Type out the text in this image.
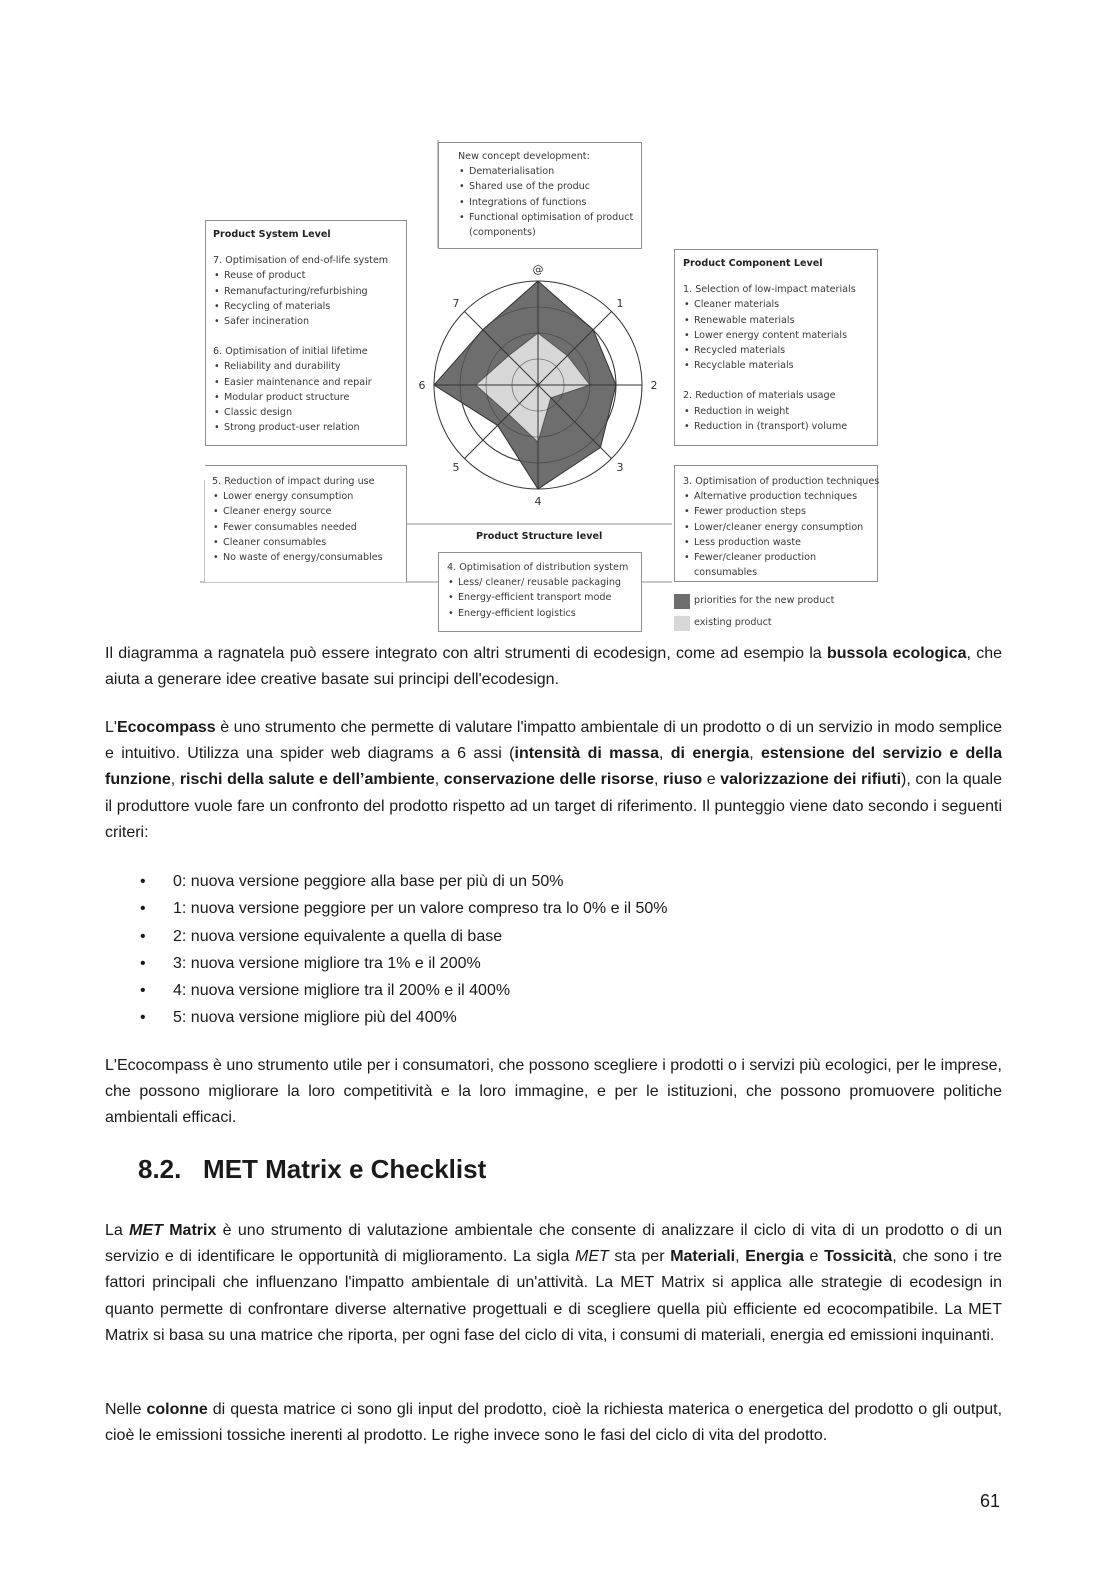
New concept development:
• Dematerialisation
• Shared use of the produc
• Integrations of functions
• Functional optimisation of product (components)
Product System Level
7. Optimisation of end-of-life system
• Reuse of product
• Remanufacturing/refurbishing
• Recycling of materials
• Safer incineration
6. Optimisation of initial lifetime
• Reliability and durability
• Easier maintenance and repair
• Modular product structure
• Classic design
• Strong product-user relation
Product Component Level
1. Selection of low-impact materials
• Cleaner materials
• Renewable materials
• Lower energy content materials
• Recycled materials
• Recyclable materials
2. Reduction of materials usage
• Reduction in weight
• Reduction in (transport) volume
5. Reduction of impact during use
• Lower energy consumption
• Cleaner energy source
• Fewer consumables needed
• Cleaner consumables
• No waste of energy/consumables
3. Optimisation of production techniques
• Alternative production techniques
• Fewer production steps
• Lower/cleaner energy consumption
• Less production waste
• Fewer/cleaner production consumables
Product Structure level
4. Optimisation of distribution system
• Less/ cleaner/ reusable packaging
• Energy-efficient transport mode
• Energy-efficient logistics
@
1
2
3
4
5
6
7
priorities for the new product
existing product
Il diagramma a ragnatela può essere integrato con altri strumenti di ecodesign, come ad esempio la bussola ecologica, che aiuta a generare idee creative basate sui principi dell'ecodesign.
L'Ecocompass è uno strumento che permette di valutare l'impatto ambientale di un prodotto o di un servizio in modo semplice e intuitivo. Utilizza una spider web diagrams a 6 assi (intensità di massa, di energia, estensione del servizio e della funzione, rischi della salute e dell’ambiente, conservazione delle risorse, riuso e valorizzazione dei rifiuti), con la quale il produttore vuole fare un confronto del prodotto rispetto ad un target di riferimento. Il punteggio viene dato secondo i seguenti criteri:
• 0: nuova versione peggiore alla base per più di un 50%
• 1: nuova versione peggiore per un valore compreso tra lo 0% e il 50%
• 2: nuova versione equivalente a quella di base
• 3: nuova versione migliore tra 1% e il 200%
• 4: nuova versione migliore tra il 200% e il 400%
• 5: nuova versione migliore più del 400%
L'Ecocompass è uno strumento utile per i consumatori, che possono scegliere i prodotti o i servizi più ecologici, per le imprese, che possono migliorare la loro competitività e la loro immagine, e per le istituzioni, che possono promuovere politiche ambientali efficaci.
8.2.   MET Matrix e Checklist
La MET Matrix è uno strumento di valutazione ambientale che consente di analizzare il ciclo di vita di un prodotto o di un servizio e di identificare le opportunità di miglioramento. La sigla MET sta per Materiali, Energia e Tossicità, che sono i tre fattori principali che influenzano l'impatto ambientale di un'attività. La MET Matrix si applica alle strategie di ecodesign in quanto permette di confrontare diverse alternative progettuali e di scegliere quella più efficiente ed ecocompatibile. La MET Matrix si basa su una matrice che riporta, per ogni fase del ciclo di vita, i consumi di materiali, energia ed emissioni inquinanti.
Nelle colonne di questa matrice ci sono gli input del prodotto, cioè la richiesta materica o energetica del prodotto o gli output, cioè le emissioni tossiche inerenti al prodotto. Le righe invece sono le fasi del ciclo di vita del prodotto.
61
